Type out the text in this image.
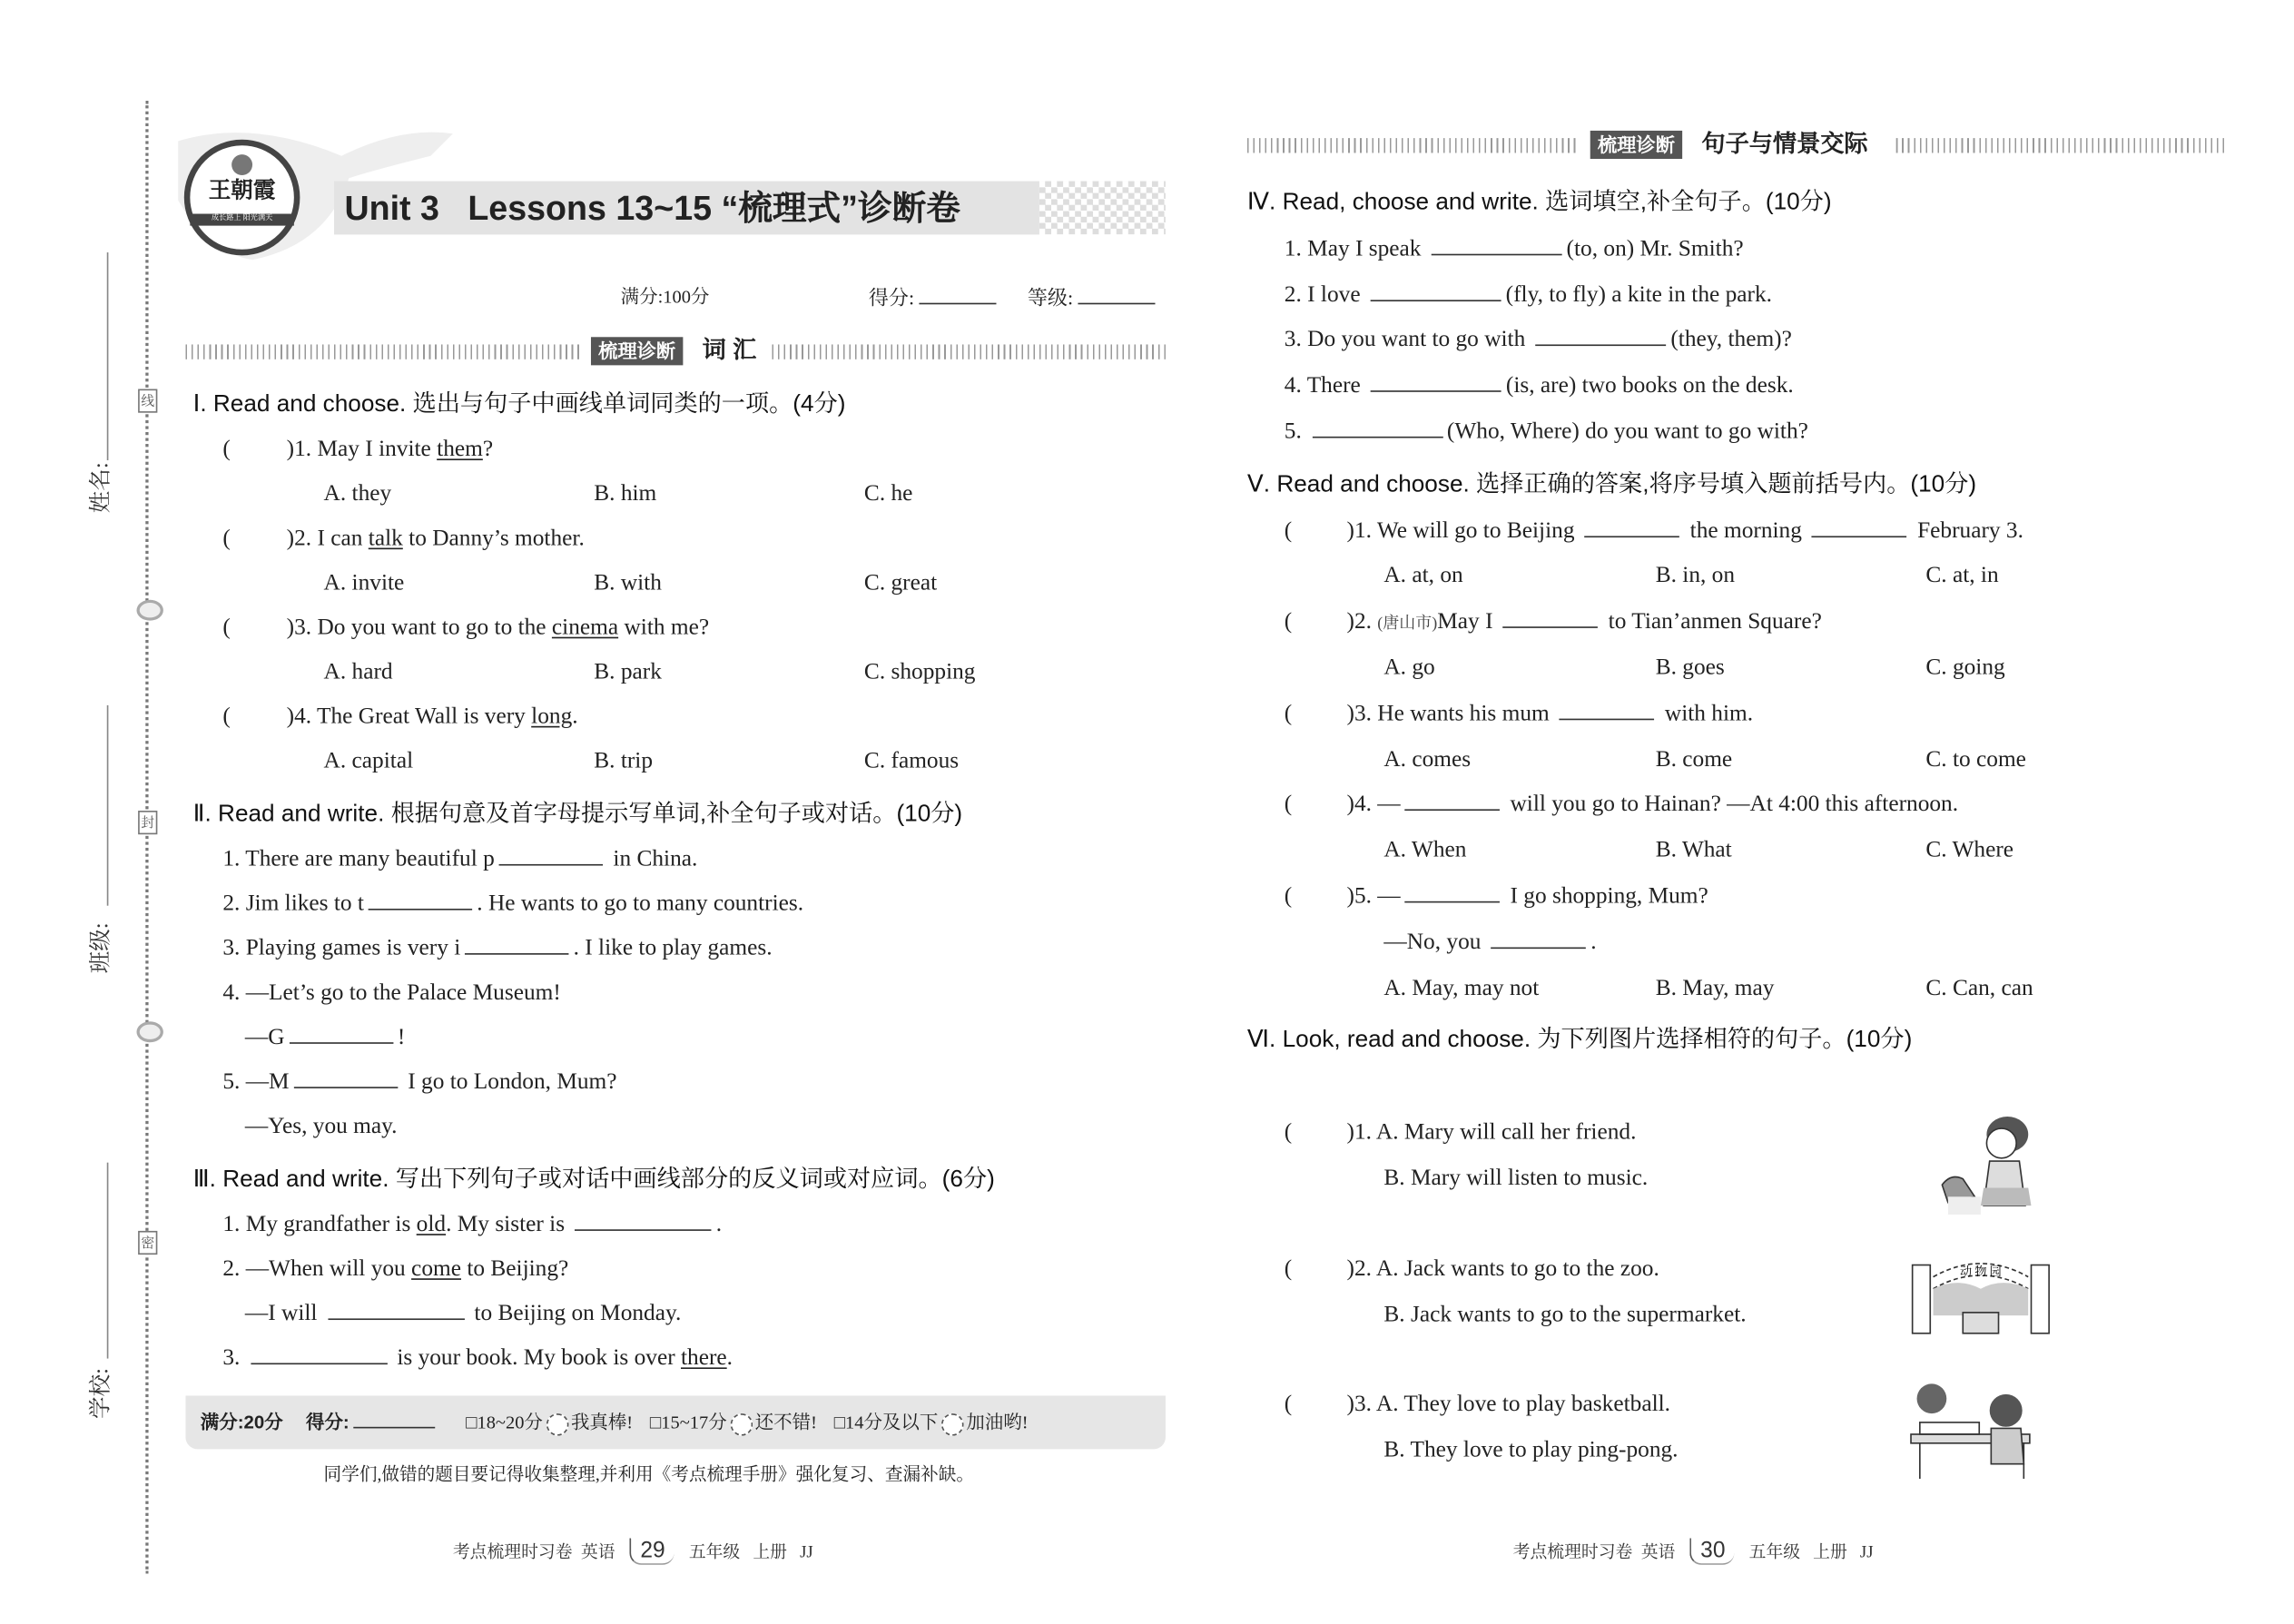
线
封
密
姓名:
班级:
学校:
王朝霞
成长路上 阳光满天	Unit 3   Lessons 13~15 “梳理式”诊断卷
满分:100分	得分:	等级:
梳理诊断	词 汇
梳理诊断	句子与情景交际
Ⅰ. Read and choose. 选出与句子中画线单词同类的一项。(4分)
(	)1. May I invite them?
A. they	B. him	C. he
(	)2. I can talk to Danny’s mother.
A. invite	B. with	C. great
(	)3. Do you want to go to the cinema with me?
A. hard	B. park	C. shopping
(	)4. The Great Wall is very long.
A. capital	B. trip	C. famous
Ⅱ. Read and write. 根据句意及首字母提示写单词,补全句子或对话。(10分)
1. There are many beautiful p	in China.
2. Jim likes to t	. He wants to go to many countries.
3. Playing games is very i	. I like to play games.
4. —Let’s go to the Palace Museum!
—G	!
5. —M	I go to London, Mum?
—Yes, you may.
Ⅲ. Read and write. 写出下列句子或对话中画线部分的反义词或对应词。(6分)
1. My grandfather is old. My sister is	.
2. —When will you come to Beijing?
—I will	to Beijing on Monday.
3.	is your book. My book is over there.
Ⅳ. Read, choose and write. 选词填空,补全句子。(10分)
1. May I speak	(to, on) Mr. Smith?
2. I love	(fly, to fly) a kite in the park.
3. Do you want to go with	(they, them)?
4. There	(is, are) two books on the desk.
5.	(Who, Where) do you want to go with?
Ⅴ. Read and choose. 选择正确的答案,将序号填入题前括号内。(10分)
(	)1. We will go to Beijing	the morning	February 3.
A. at, on	B. in, on	C. at, in
(	)2. (唐山市)May I	to Tian’anmen Square?
A. go	B. goes	C. going
(	)3. He wants his mum	with him.
A. comes	B. come	C. to come
(	)4. —	will you go to Hainan? —At 4:00 this afternoon.
A. When	B. What	C. Where
(	)5. —	I go shopping, Mum?
—No, you	.
A. May, may not	B. May, may	C. Can, can
Ⅵ. Look, read and choose. 为下列图片选择相符的句子。(10分)
(	)1. A. Mary will call her friend.
B. Mary will listen to music.
(	)2. A. Jack wants to go to the zoo.
B. Jack wants to go to the supermarket.
(	)3. A. They love to play basketball.
B. They love to play ping-pong.
满分:20分 得分:	□18~20分 我真棒! □15~17分 还不错! □14分及以下 加油哟!
同学们,做错的题目要记得收集整理,并利用《考点梳理手册》强化复习、查漏补缺。
考点梳理时习卷 英语 29 五年级 上册 JJ	考点梳理时习卷 英语 30 五年级 上册 JJ
动 物 园
